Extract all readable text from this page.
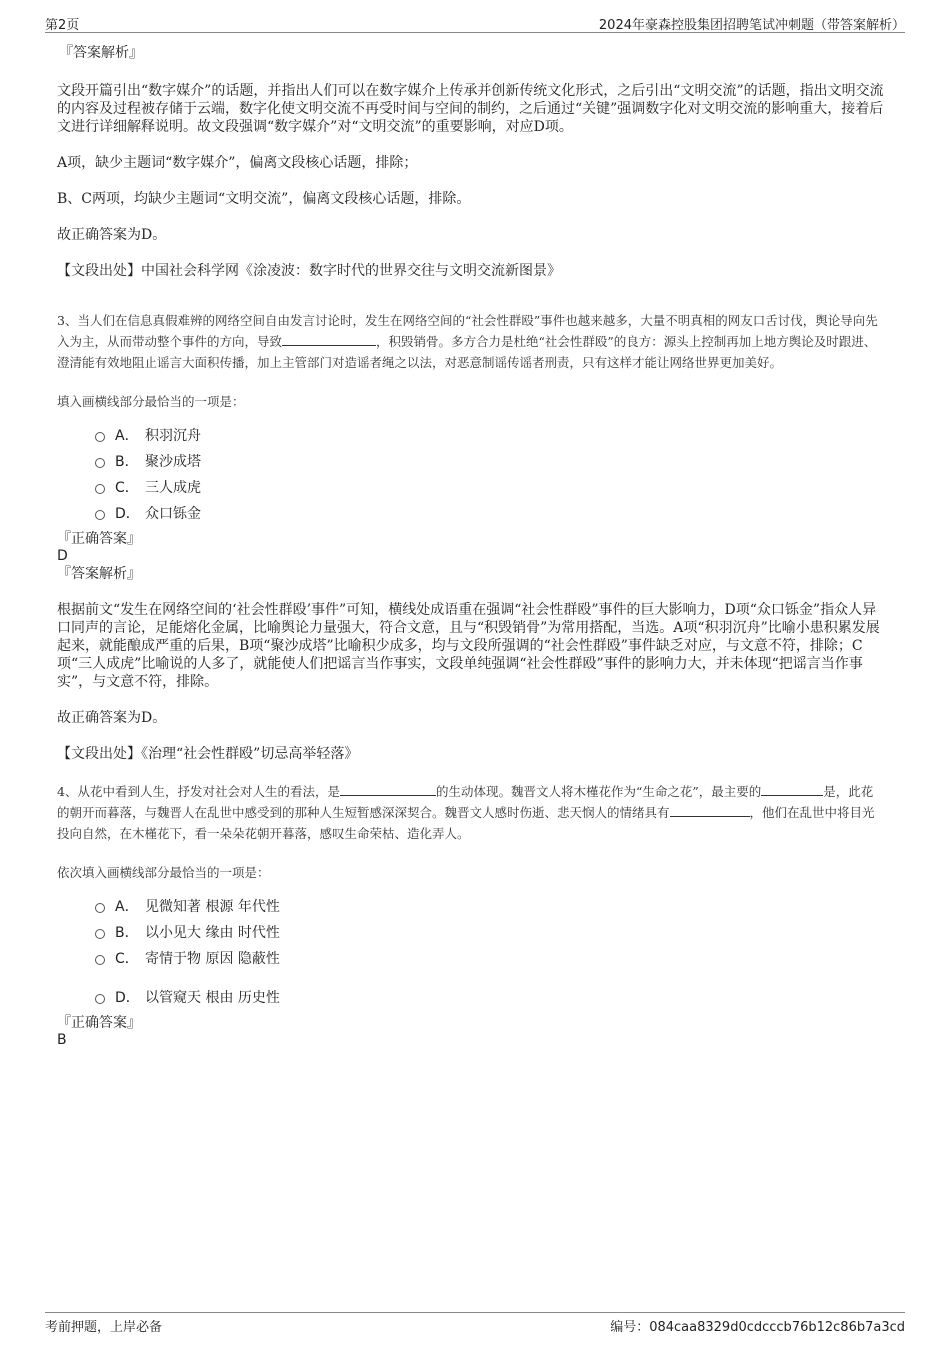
第2页	2024年豪森控股集团招聘笔试冲刺题（带答案解析）
『答案解析』

文段开篇引出“数字媒介”的话题，并指出人们可以在数字媒介上传承并创新传统文化形式，之后引出“文明交流”的话题，指出文明交流的内容及过程被存储于云端，数字化使文明交流不再受时间与空间的制约，之后通过“关键”强调数字化对文明交流的影响重大，接着后文进行详细解释说明。故文段强调“数字媒介”对“文明交流”的重要影响，对应D项。

A项，缺少主题词“数字媒介”，偏离文段核心话题，排除；

B、C两项，均缺少主题词“文明交流”，偏离文段核心话题，排除。

故正确答案为D。

【文段出处】中国社会科学网《涂凌波：数字时代的世界交往与文明交流新图景》

3、当人们在信息真假难辨的网络空间自由发言讨论时，发生在网络空间的“社会性群殴”事件也越来越多，大量不明真相的网友口舌讨伐，舆论导向先入为主，从而带动整个事件的方向，导致	，积毁销骨。多方合力是杜绝“社会性群殴”的良方：源头上控制再加上地方舆论及时跟进、澄清能有效地阻止谣言大面积传播，加上主管部门对造谣者绳之以法，对恶意制谣传谣者刑责，只有这样才能让网络世界更加美好。

填入画横线部分最恰当的一项是：

A． 积羽沉舟
B． 聚沙成塔
C． 三人成虎
D． 众口铄金
『正确答案』
D
『答案解析』

根据前文“发生在网络空间的‘社会性群殴’事件”可知，横线处成语重在强调“社会性群殴”事件的巨大影响力，D项“众口铄金”指众人异口同声的言论，足能熔化金属，比喻舆论力量强大，符合文意，且与“积毁销骨”为常用搭配，当选。A项“积羽沉舟”比喻小患积累发展起来，就能酿成严重的后果，B项“聚沙成塔”比喻积少成多，均与文段所强调的“社会性群殴”事件缺乏对应，与文意不符，排除；C项“三人成虎”比喻说的人多了，就能使人们把谣言当作事实，文段单纯强调“社会性群殴”事件的影响力大，并未体现“把谣言当作事实”，与文意不符，排除。

故正确答案为D。

【文段出处】《治理“社会性群殴”切忌高举轻落》

4、从花中看到人生，抒发对社会对人生的看法，是	的生动体现。魏晋文人将木槿花作为“生命之花”，最主要的	是，此花的朝开而暮落，与魏晋人在乱世中感受到的那种人生短暂感深深契合。魏晋文人感时伤逝、悲天悯人的情绪具有	，他们在乱世中将目光投向自然，在木槿花下，看一朵朵花朝开暮落，感叹生命荣枯、造化弄人。

依次填入画横线部分最恰当的一项是：

A． 见微知著 根源 年代性
B． 以小见大 缘由 时代性
C． 寄情于物 原因 隐蔽性
D． 以管窥天 根由 历史性
『正确答案』
B
考前押题，上岸必备	编号：084caa8329d0cdcccb76b12c86b7a3cd
